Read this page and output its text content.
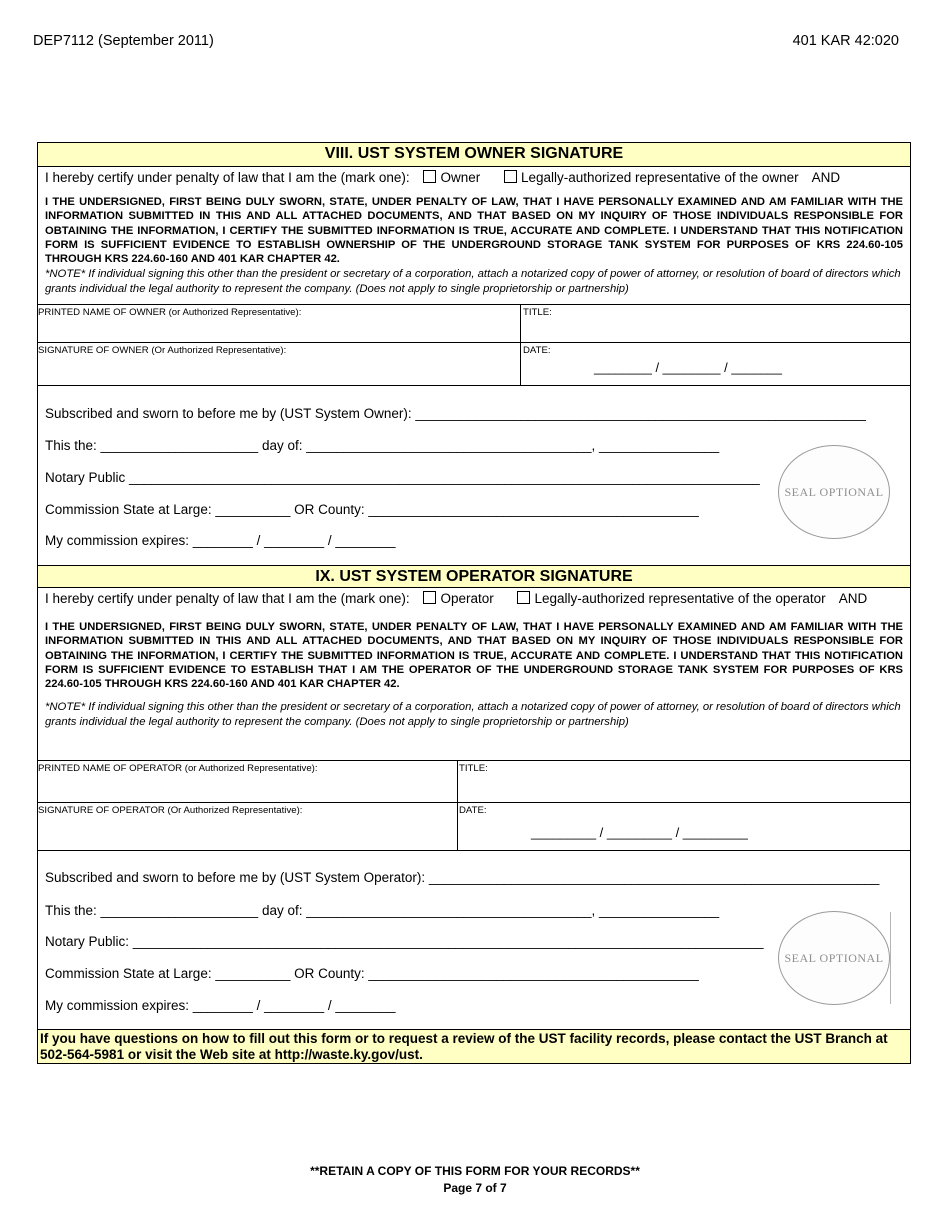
DEP7112 (September 2011)	401 KAR 42:020
VIII. UST SYSTEM OWNER SIGNATURE
I hereby certify under penalty of law that I am the (mark one): Owner	Legally-authorized representative of the owner AND
I THE UNDERSIGNED, FIRST BEING DULY SWORN, STATE, UNDER PENALTY OF LAW, THAT I HAVE PERSONALLY EXAMINED AND AM FAMILIAR WITH THE INFORMATION SUBMITTED IN THIS AND ALL ATTACHED DOCUMENTS, AND THAT BASED ON MY INQUIRY OF THOSE INDIVIDUALS RESPONSIBLE FOR OBTAINING THE INFORMATION, I CERTIFY THE SUBMITTED INFORMATION IS TRUE, ACCURATE AND COMPLETE. I UNDERSTAND THAT THIS NOTIFICATION FORM IS SUFFICIENT EVIDENCE TO ESTABLISH OWNERSHIP OF THE UNDERGROUND STORAGE TANK SYSTEM FOR PURPOSES OF KRS 224.60-105 THROUGH KRS 224.60-160 AND 401 KAR CHAPTER 42.
*NOTE* If individual signing this other than the president or secretary of a corporation, attach a notarized copy of power of attorney, or resolution of board of directors which grants individual the legal authority to represent the company. (Does not apply to single proprietorship or partnership)
PRINTED NAME OF OWNER (or Authorized Representative):	TITLE:
SIGNATURE OF OWNER (Or Authorized Representative):	DATE:
________ / ________ / _______
Subscribed and sworn to before me by (UST System Owner): ____________________________________________________________
This the: _____________________ day of: ______________________________________, ________________
Notary Public ____________________________________________________________________________________
Commission State at Large: __________ OR County: ____________________________________________
My commission expires: ________ / ________ / ________
SEAL OPTIONAL
IX. UST SYSTEM OPERATOR SIGNATURE
I hereby certify under penalty of law that I am the (mark one): Operator	Legally-authorized representative of the operator AND
I THE UNDERSIGNED, FIRST BEING DULY SWORN, STATE, UNDER PENALTY OF LAW, THAT I HAVE PERSONALLY EXAMINED AND AM FAMILIAR WITH THE INFORMATION SUBMITTED IN THIS AND ALL ATTACHED DOCUMENTS, AND THAT BASED ON MY INQUIRY OF THOSE INDIVIDUALS RESPONSIBLE FOR OBTAINING THE INFORMATION, I CERTIFY THE SUBMITTED INFORMATION IS TRUE, ACCURATE AND COMPLETE. I UNDERSTAND THAT THIS NOTIFICATION FORM IS SUFFICIENT EVIDENCE TO ESTABLISH THAT I AM THE OPERATOR OF THE UNDERGROUND STORAGE TANK SYSTEM FOR PURPOSES OF KRS 224.60-105 THROUGH KRS 224.60-160 AND 401 KAR CHAPTER 42.
*NOTE* If individual signing this other than the president or secretary of a corporation, attach a notarized copy of power of attorney, or resolution of board of directors which grants individual the legal authority to represent the company. (Does not apply to single proprietorship or partnership)
PRINTED NAME OF OPERATOR (or Authorized Representative):	TITLE:
SIGNATURE OF OPERATOR (Or Authorized Representative):	DATE:
_________ / _________ / _________
Subscribed and sworn to before me by (UST System Operator): ____________________________________________________________
This the: _____________________ day of: ______________________________________, ________________
Notary Public: ____________________________________________________________________________________
Commission State at Large: __________ OR County: ____________________________________________
My commission expires: ________ / ________ / ________
SEAL OPTIONAL
If you have questions on how to fill out this form or to request a review of the UST facility records, please contact the UST Branch at 502-564-5981 or visit the Web site at http://waste.ky.gov/ust.
**RETAIN A COPY OF THIS FORM FOR YOUR RECORDS**
Page 7 of 7
